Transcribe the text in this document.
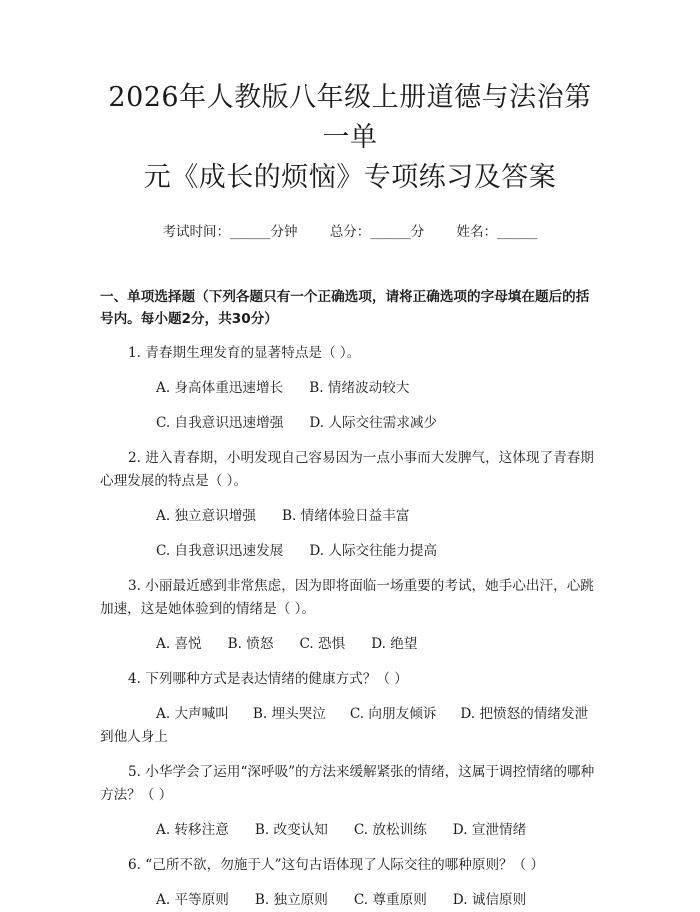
2026年人教版八年级上册道德与法治第一单
元《成长的烦恼》专项练习及答案
考试时间：______分钟 总分：______分 姓名：______
一、单项选择题（下列各题只有一个正确选项，请将正确选项的字母填在题后的括号内。每小题2分，共30分）
1. 青春期生理发育的显著特点是（ ）。
A. 身高体重迅速增长 B. 情绪波动较大
C. 自我意识迅速增强 D. 人际交往需求减少
2. 进入青春期，小明发现自己容易因为一点小事而大发脾气，这体现了青春期心理发展的特点是（ ）。
A. 独立意识增强 B. 情绪体验日益丰富
C. 自我意识迅速发展 D. 人际交往能力提高
3. 小丽最近感到非常焦虑，因为即将面临一场重要的考试，她手心出汗，心跳加速，这是她体验到的情绪是（ ）。
A. 喜悦 B. 愤怒 C. 恐惧 D. 绝望
4. 下列哪种方式是表达情绪的健康方式？（ ）
A. 大声喊叫 B. 埋头哭泣 C. 向朋友倾诉 D. 把愤怒的情绪发泄到他人身上
5. 小华学会了运用“深呼吸”的方法来缓解紧张的情绪，这属于调控情绪的哪种方法？（ ）
A. 转移注意 B. 改变认知 C. 放松训练 D. 宣泄情绪
6. “己所不欲，勿施于人”这句古语体现了人际交往的哪种原则？（ ）
A. 平等原则 B. 独立原则 C. 尊重原则 D. 诚信原则
